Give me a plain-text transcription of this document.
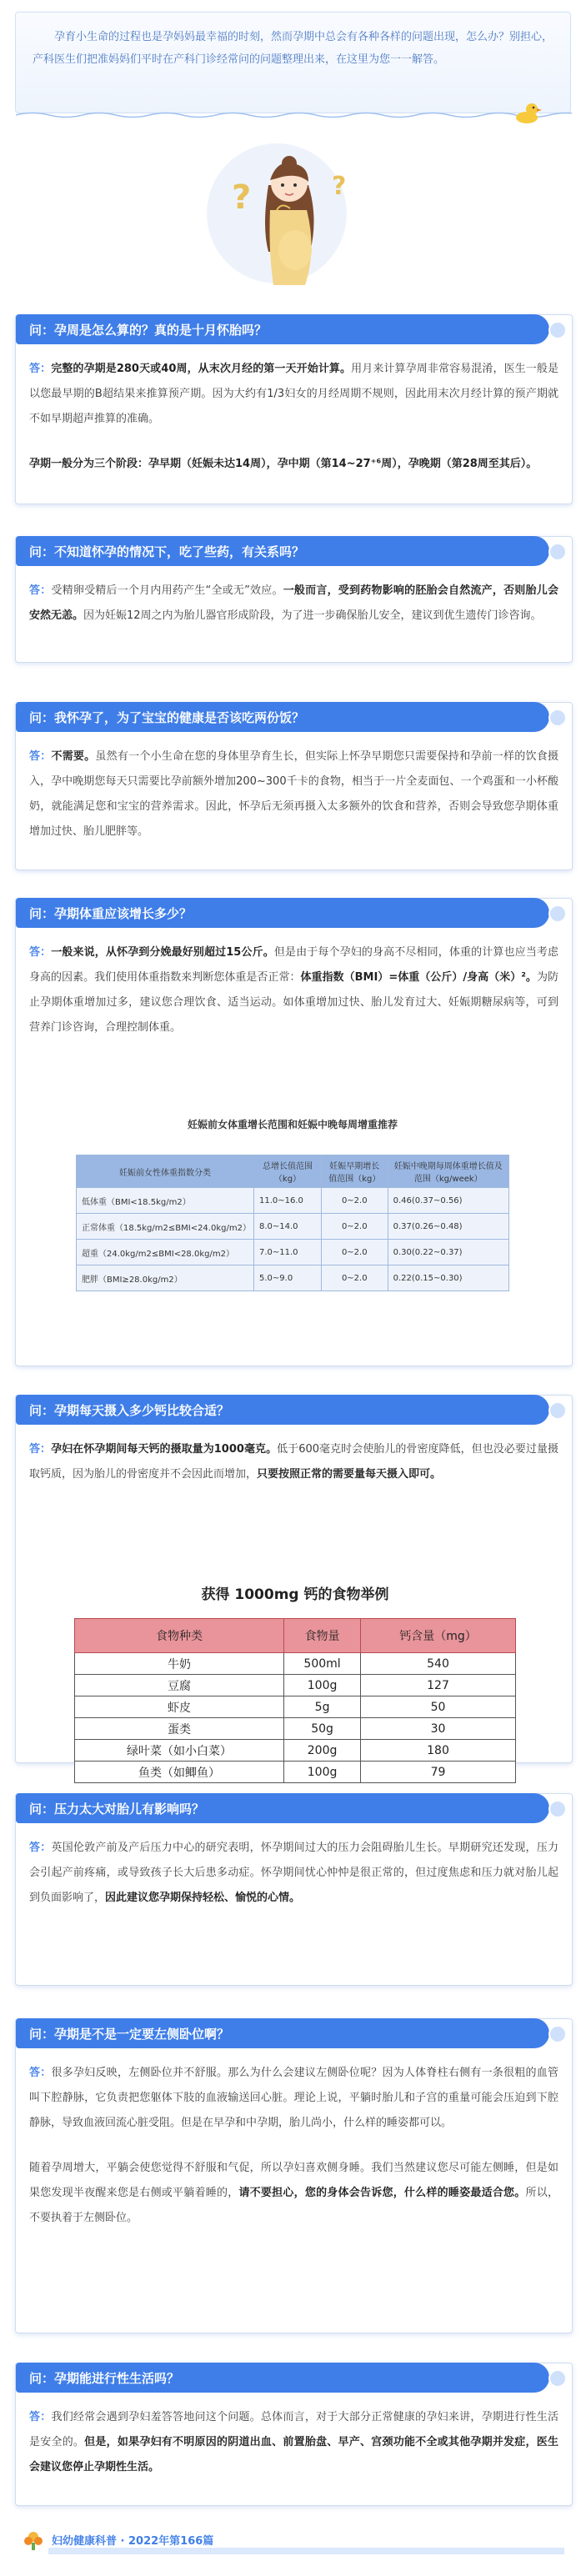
孕育小生命的过程也是孕妈妈最幸福的时刻，然而孕期中总会有各种各样的问题出现，怎么办？别担心，产科医生们把准妈妈们平时在产科门诊经常问的问题整理出来，在这里为您一一解答。
?	?
问：孕周是怎么算的？真的是十月怀胎吗？

答：完整的孕期是280天或40周，从末次月经的第一天开始计算。用月来计算孕周非常容易混淆，医生一般是以您最早期的B超结果来推算预产期。因为大约有1/3妇女的月经周期不规则，因此用末次月经计算的预产期就不如早期超声推算的准确。

孕期一般分为三个阶段：孕早期（妊娠未达14周），孕中期（第14~27⁺⁶周），孕晚期（第28周至其后）。

问：不知道怀孕的情况下，吃了些药，有关系吗？

答：受精卵受精后一个月内用药产生“全或无”效应。一般而言，受到药物影响的胚胎会自然流产，否则胎儿会安然无恙。因为妊娠12周之内为胎儿器官形成阶段，为了进一步确保胎儿安全，建议到优生遗传门诊咨询。

问：我怀孕了，为了宝宝的健康是否该吃两份饭？

答：不需要。虽然有一个小生命在您的身体里孕育生长，但实际上怀孕早期您只需要保持和孕前一样的饮食摄入，孕中晚期您每天只需要比孕前额外增加200~300千卡的食物，相当于一片全麦面包、一个鸡蛋和一小杯酸奶，就能满足您和宝宝的营养需求。因此，怀孕后无须再摄入太多额外的饮食和营养，否则会导致您孕期体重增加过快、胎儿肥胖等。

问：孕期体重应该增长多少？

答：一般来说，从怀孕到分娩最好别超过15公斤。但是由于每个孕妇的身高不尽相同，体重的计算也应当考虑身高的因素。我们使用体重指数来判断您体重是否正常：体重指数（BMI）=体重（公斤）/身高（米）²。为防止孕期体重增加过多，建议您合理饮食、适当运动。如体重增加过快、胎儿发育过大、妊娠期糖尿病等，可到营养门诊咨询，合理控制体重。

妊娠前女体重增长范围和妊娠中晚每周增重推荐
妊娠前女性体重指数分类	总增长值范围（kg）	妊娠早期增长值范围（kg）	妊娠中晚期每周体重增长值及范围（kg/week）
低体重（BMI<18.5kg/m2）	11.0~16.0	0~2.0	0.46(0.37~0.56)
正常体重（18.5kg/m2≤BMI<24.0kg/m2）	8.0~14.0	0~2.0	0.37(0.26~0.48)
超重（24.0kg/m2≤BMI<28.0kg/m2）	7.0~11.0	0~2.0	0.30(0.22~0.37)
肥胖（BMI≥28.0kg/m2）	5.0~9.0	0~2.0	0.22(0.15~0.30)
问：孕期每天摄入多少钙比较合适？

答：孕妇在怀孕期间每天钙的摄取量为1000毫克。低于600毫克时会使胎儿的骨密度降低，但也没必要过量摄取钙质，因为胎儿的骨密度并不会因此而增加，只要按照正常的需要量每天摄入即可。

获得 1000mg 钙的食物举例
食物种类	食物量	钙含量（mg）
牛奶	500ml	540
豆腐	100g	127
虾皮	5g	50
蛋类	50g	30
绿叶菜（如小白菜）	200g	180
鱼类（如鲫鱼）	100g	79
问：压力太大对胎儿有影响吗？

答：英国伦敦产前及产后压力中心的研究表明，怀孕期间过大的压力会阻碍胎儿生长。早期研究还发现，压力会引起产前疼痛，或导致孩子长大后患多动症。怀孕期间忧心忡忡是很正常的，但过度焦虑和压力就对胎儿起到负面影响了，因此建议您孕期保持轻松、愉悦的心情。

问：孕期是不是一定要左侧卧位啊？

答：很多孕妇反映，左侧卧位并不舒服。那么为什么会建议左侧卧位呢？因为人体脊柱右侧有一条很粗的血管叫下腔静脉，它负责把您躯体下肢的血液输送回心脏。理论上说，平躺时胎儿和子宫的重量可能会压迫到下腔静脉，导致血液回流心脏受阻。但是在早孕和中孕期，胎儿尚小，什么样的睡姿都可以。

随着孕周增大，平躺会使您觉得不舒服和气促，所以孕妇喜欢侧身睡。我们当然建议您尽可能左侧睡，但是如果您发现半夜醒来您是右侧或平躺着睡的，请不要担心，您的身体会告诉您，什么样的睡姿最适合您。所以，不要执着于左侧卧位。

问：孕期能进行性生活吗？

答：我们经常会遇到孕妇羞答答地问这个问题。总体而言，对于大部分正常健康的孕妇来讲，孕期进行性生活是安全的。但是，如果孕妇有不明原因的阴道出血、前置胎盘、早产、宫颈功能不全或其他孕期并发症，医生会建议您停止孕期性生活。

妇幼健康科普 · 2022年第166篇
